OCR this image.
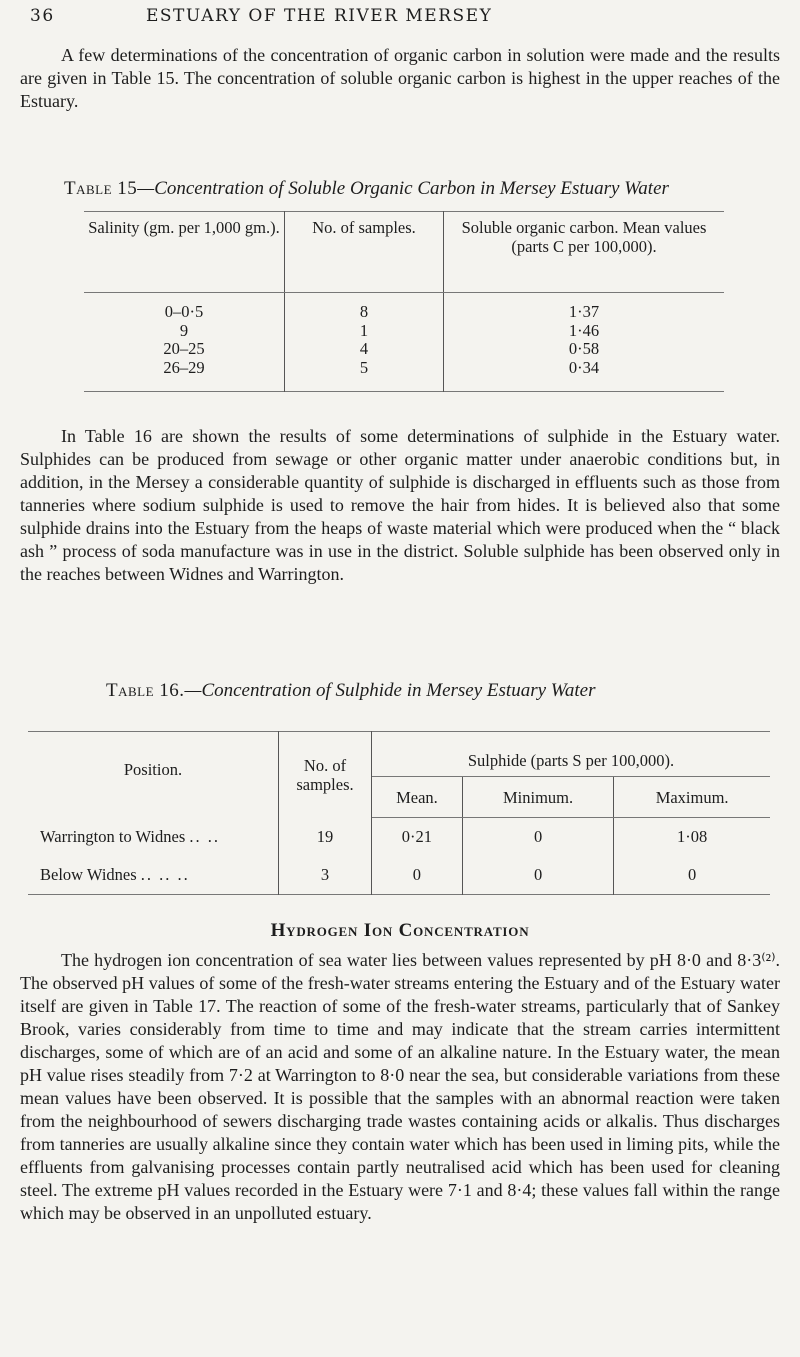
36	ESTUARY OF THE RIVER MERSEY

A few determinations of the concentration of organic carbon in solution were made and the results are given in Table 15. The concentration of soluble organic carbon is highest in the upper reaches of the Estuary.

Table 15—Concentration of Soluble Organic Carbon in Mersey Estuary Water
Salinity (gm. per 1,000 gm.).	No. of samples.	Soluble organic carbon. Mean values (parts C per 100,000).
0–0·5	8	1·37
9	1	1·46
20–25	4	0·58
26–29	5	0·34

In Table 16 are shown the results of some determinations of sulphide in the Estuary water. Sulphides can be produced from sewage or other organic matter under anaerobic conditions but, in addition, in the Mersey a considerable quantity of sulphide is discharged in effluents such as those from tanneries where sodium sulphide is used to remove the hair from hides. It is believed also that some sulphide drains into the Estuary from the heaps of waste material which were produced when the “ black ash ” process of soda manufacture was in use in the district. Soluble sulphide has been observed only in the reaches between Widnes and Warrington.

Table 16.—Concentration of Sulphide in Mersey Estuary Water
Position.	No. of samples.	Sulphide (parts S per 100,000).		
		Mean.	Minimum.	Maximum.
Warrington to Widnes .. ..	19	0·21	0	1·08
Below Widnes .. .. ..	3	0	0	0
Hydrogen Ion Concentration

The hydrogen ion concentration of sea water lies between values represented by pH 8·0 and 8·3⁽²⁾. The observed pH values of some of the fresh-water streams entering the Estuary and of the Estuary water itself are given in Table 17. The reaction of some of the fresh-water streams, particularly that of Sankey Brook, varies considerably from time to time and may indicate that the stream carries intermittent discharges, some of which are of an acid and some of an alkaline nature. In the Estuary water, the mean pH value rises steadily from 7·2 at Warrington to 8·0 near the sea, but considerable variations from these mean values have been observed. It is possible that the samples with an abnormal reaction were taken from the neighbourhood of sewers discharging trade wastes containing acids or alkalis. Thus discharges from tanneries are usually alkaline since they contain water which has been used in liming pits, while the effluents from galvanising processes contain partly neutralised acid which has been used for cleaning steel. The extreme pH values recorded in the Estuary were 7·1 and 8·4; these values fall within the range which may be observed in an unpolluted estuary.
